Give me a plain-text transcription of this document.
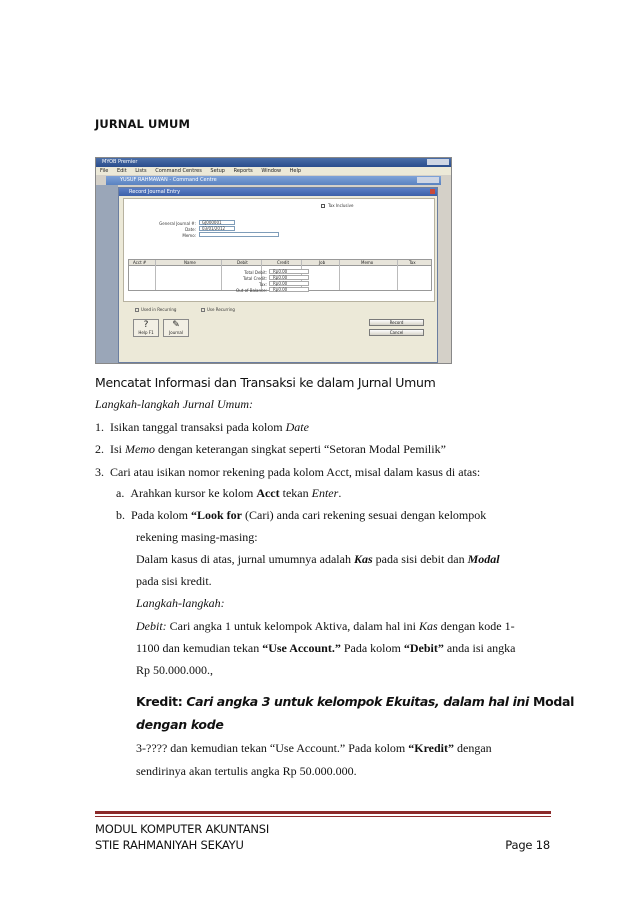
JURNAL UMUM
MYOB Premier
File Edit Lists Command Centres Setup Reports Window Help
YUSUF RAHMAWAN - Command Centre
Record Journal Entry
Tax Inclusive
General Journal #:	GJ000001
Date:	03/01/2012
Memo:
Acct #	Name	Debit	Credit	Job	Memo	Tax
Total Debit:	Rp0.00
Total Credit:	Rp0.00
Tax:	Rp0.00
Out of Balance:	Rp0.00
Used in Recurring	Use Recurring
?
Help F1
✎
Journal
Record
Cancel
Mencatat Informasi dan Transaksi ke dalam Jurnal Umum
Langkah-langkah Jurnal Umum:
1. Isikan tanggal transaksi pada kolom Date
2. Isi Memo dengan keterangan singkat seperti “Setoran Modal Pemilik”
3. Cari atau isikan nomor rekening pada kolom Acct, misal dalam kasus di atas:
a. Arahkan kursor ke kolom Acct tekan Enter.
b. Pada kolom “Look for (Cari) anda cari rekening sesuai dengan kelompok
rekening masing-masing:
Dalam kasus di atas, jurnal umumnya adalah Kas pada sisi debit dan Modal
pada sisi kredit.
Langkah-langkah:
Debit: Cari angka 1 untuk kelompok Aktiva, dalam hal ini Kas dengan kode 1-
1100 dan kemudian tekan “Use Account.” Pada kolom “Debit” anda isi angka
Rp 50.000.000.,
Kredit: Cari angka 3 untuk kelompok Ekuitas, dalam hal ini Modal
dengan kode
3-???? dan kemudian tekan “Use Account.” Pada kolom “Kredit” dengan
sendirinya akan tertulis angka Rp 50.000.000.
MODUL KOMPUTER AKUNTANSI
STIE RAHMANIYAH SEKAYU	Page 18
